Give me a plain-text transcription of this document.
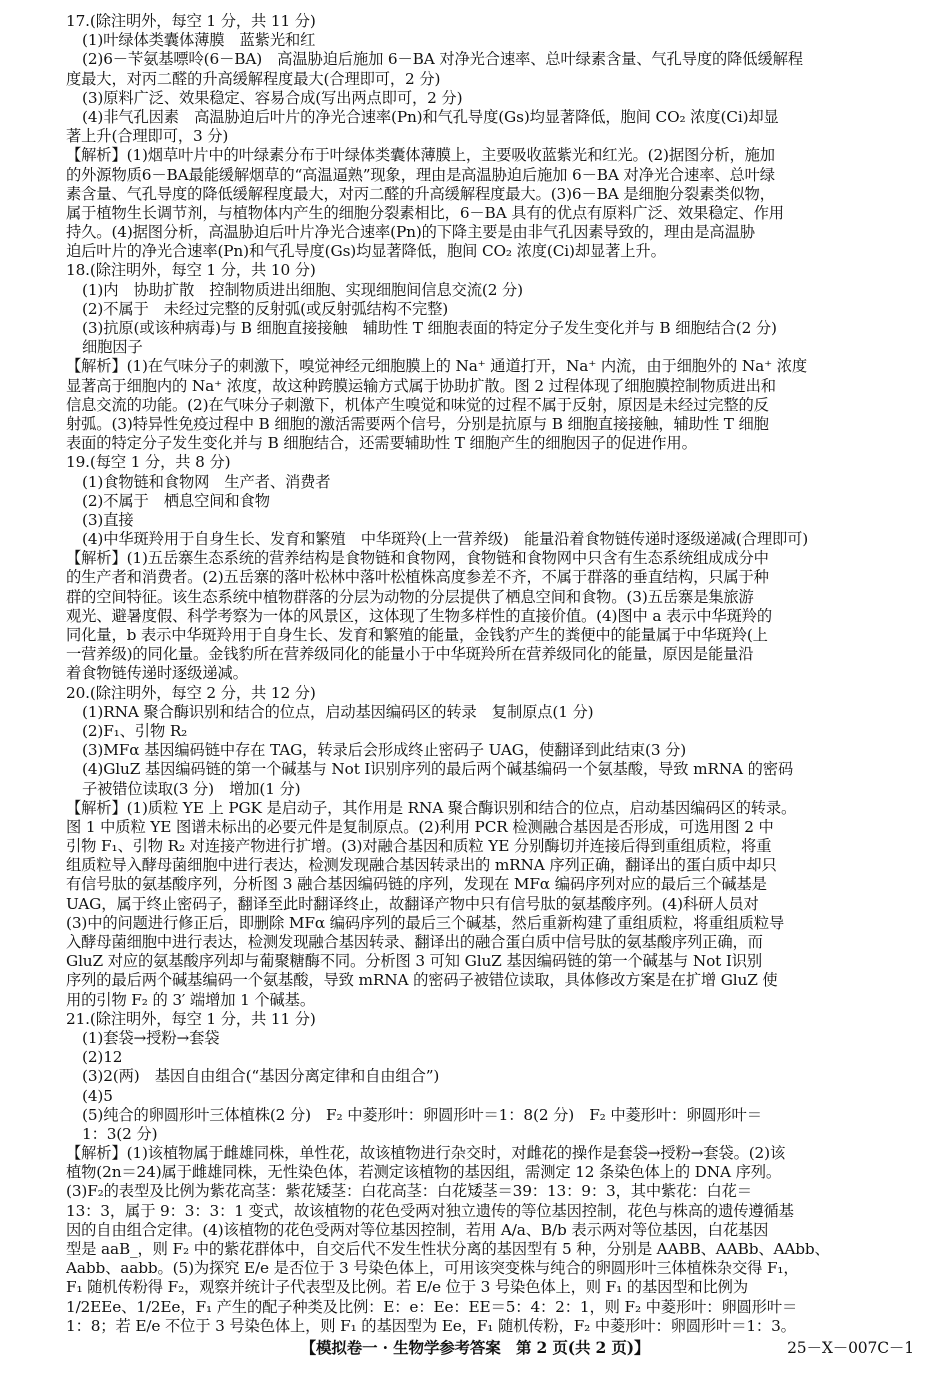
17.(除注明外，每空 1 分，共 11 分)
(1)叶绿体类囊体薄膜　蓝紫光和红
(2)6－苄氨基嘌呤(6－BA)　高温胁迫后施加 6－BA 对净光合速率、总叶绿素含量、气孔导度的降低缓解程
度最大，对丙二醛的升高缓解程度最大(合理即可，2 分)
(3)原料广泛、效果稳定、容易合成(写出两点即可，2 分)
(4)非气孔因素　高温胁迫后叶片的净光合速率(Pn)和气孔导度(Gs)均显著降低，胞间 CO₂ 浓度(Ci)却显
著上升(合理即可，3 分)
【解析】(1)烟草叶片中的叶绿素分布于叶绿体类囊体薄膜上，主要吸收蓝紫光和红光。(2)据图分析，施加
的外源物质6－BA最能缓解烟草的“高温逼熟”现象，理由是高温胁迫后施加 6－BA 对净光合速率、总叶绿
素含量、气孔导度的降低缓解程度最大，对丙二醛的升高缓解程度最大。(3)6－BA 是细胞分裂素类似物，
属于植物生长调节剂，与植物体内产生的细胞分裂素相比，6－BA 具有的优点有原料广泛、效果稳定、作用
持久。(4)据图分析，高温胁迫后叶片净光合速率(Pn)的下降主要是由非气孔因素导致的，理由是高温胁
迫后叶片的净光合速率(Pn)和气孔导度(Gs)均显著降低，胞间 CO₂ 浓度(Ci)却显著上升。
18.(除注明外，每空 1 分，共 10 分)
(1)内　协助扩散　控制物质进出细胞、实现细胞间信息交流(2 分)
(2)不属于　未经过完整的反射弧(或反射弧结构不完整)
(3)抗原(或该种病毒)与 B 细胞直接接触　辅助性 T 细胞表面的特定分子发生变化并与 B 细胞结合(2 分)
细胞因子
【解析】(1)在气味分子的刺激下，嗅觉神经元细胞膜上的 Na⁺ 通道打开，Na⁺ 内流，由于细胞外的 Na⁺ 浓度
显著高于细胞内的 Na⁺ 浓度，故这种跨膜运输方式属于协助扩散。图 2 过程体现了细胞膜控制物质进出和
信息交流的功能。(2)在气味分子刺激下，机体产生嗅觉和味觉的过程不属于反射，原因是未经过完整的反
射弧。(3)特异性免疫过程中 B 细胞的激活需要两个信号，分别是抗原与 B 细胞直接接触，辅助性 T 细胞
表面的特定分子发生变化并与 B 细胞结合，还需要辅助性 T 细胞产生的细胞因子的促进作用。
19.(每空 1 分，共 8 分)
(1)食物链和食物网　生产者、消费者
(2)不属于　栖息空间和食物
(3)直接
(4)中华斑羚用于自身生长、发育和繁殖　中华斑羚(上一营养级)　能量沿着食物链传递时逐级递减(合理即可)
【解析】(1)五岳寨生态系统的营养结构是食物链和食物网，食物链和食物网中只含有生态系统组成成分中
的生产者和消费者。(2)五岳寨的落叶松林中落叶松植株高度参差不齐，不属于群落的垂直结构，只属于种
群的空间特征。该生态系统中植物群落的分层为动物的分层提供了栖息空间和食物。(3)五岳寨是集旅游
观光、避暑度假、科学考察为一体的风景区，这体现了生物多样性的直接价值。(4)图中 a 表示中华斑羚的
同化量，b 表示中华斑羚用于自身生长、发育和繁殖的能量，金钱豹产生的粪便中的能量属于中华斑羚(上
一营养级)的同化量。金钱豹所在营养级同化的能量小于中华斑羚所在营养级同化的能量，原因是能量沿
着食物链传递时逐级递减。
20.(除注明外，每空 2 分，共 12 分)
(1)RNA 聚合酶识别和结合的位点，启动基因编码区的转录　复制原点(1 分)
(2)F₁、引物 R₂
(3)MFα 基因编码链中存在 TAG，转录后会形成终止密码子 UAG，使翻译到此结束(3 分)
(4)GluZ 基因编码链的第一个碱基与 Not Ⅰ识别序列的最后两个碱基编码一个氨基酸，导致 mRNA 的密码
子被错位读取(3 分)　增加(1 分)
【解析】(1)质粒 YE 上 PGK 是启动子，其作用是 RNA 聚合酶识别和结合的位点，启动基因编码区的转录。
图 1 中质粒 YE 图谱未标出的必要元件是复制原点。(2)利用 PCR 检测融合基因是否形成，可选用图 2 中
引物 F₁、引物 R₂ 对连接产物进行扩增。(3)对融合基因和质粒 YE 分别酶切并连接后得到重组质粒，将重
组质粒导入酵母菌细胞中进行表达，检测发现融合基因转录出的 mRNA 序列正确，翻译出的蛋白质中却只
有信号肽的氨基酸序列，分析图 3 融合基因编码链的序列，发现在 MFα 编码序列对应的最后三个碱基是
UAG，属于终止密码子，翻译至此时翻译终止，故翻译产物中只有信号肽的氨基酸序列。(4)科研人员对
(3)中的问题进行修正后，即删除 MFα 编码序列的最后三个碱基，然后重新构建了重组质粒，将重组质粒导
入酵母菌细胞中进行表达，检测发现融合基因转录、翻译出的融合蛋白质中信号肽的氨基酸序列正确，而
GluZ 对应的氨基酸序列却与葡聚糖酶不同。分析图 3 可知 GluZ 基因编码链的第一个碱基与 Not Ⅰ识别
序列的最后两个碱基编码一个氨基酸，导致 mRNA 的密码子被错位读取，具体修改方案是在扩增 GluZ 使
用的引物 F₂ 的 3′ 端增加 1 个碱基。
21.(除注明外，每空 1 分，共 11 分)
(1)套袋→授粉→套袋
(2)12
(3)2(两)　基因自由组合(“基因分离定律和自由组合”)
(4)5
(5)纯合的卵圆形叶三体植株(2 分)　F₂ 中菱形叶：卵圆形叶＝1：8(2 分)　F₂ 中菱形叶：卵圆形叶＝
1：3(2 分)
【解析】(1)该植物属于雌雄同株，单性花，故该植物进行杂交时，对雌花的操作是套袋→授粉→套袋。(2)该
植物(2n＝24)属于雌雄同株，无性染色体，若测定该植物的基因组，需测定 12 条染色体上的 DNA 序列。
(3)F₂的表型及比例为紫花高茎：紫花矮茎：白花高茎：白花矮茎＝39：13：9：3，其中紫花：白花＝
13：3，属于 9：3：3：1 变式，故该植物的花色受两对独立遗传的等位基因控制，花色与株高的遗传遵循基
因的自由组合定律。(4)该植物的花色受两对等位基因控制，若用 A/a、B/b 表示两对等位基因，白花基因
型是 aaB_，则 F₂ 中的紫花群体中，自交后代不发生性状分离的基因型有 5 种，分别是 AABB、AABb、AAbb、
Aabb、aabb。(5)为探究 E/e 是否位于 3 号染色体上，可用该突变株与纯合的卵圆形叶三体植株杂交得 F₁，
F₁ 随机传粉得 F₂，观察并统计子代表型及比例。若 E/e 位于 3 号染色体上，则 F₁ 的基因型和比例为
1/2EEe、1/2Ee，F₁ 产生的配子种类及比例：E：e：Ee：EE＝5：4：2：1，则 F₂ 中菱形叶：卵圆形叶＝
1：8；若 E/e 不位于 3 号染色体上，则 F₁ 的基因型为 Ee，F₁ 随机传粉，F₂ 中菱形叶：卵圆形叶＝1：3。
【模拟卷一 · 生物学参考答案　第 2 页(共 2 页)】	25－X－007C－1
